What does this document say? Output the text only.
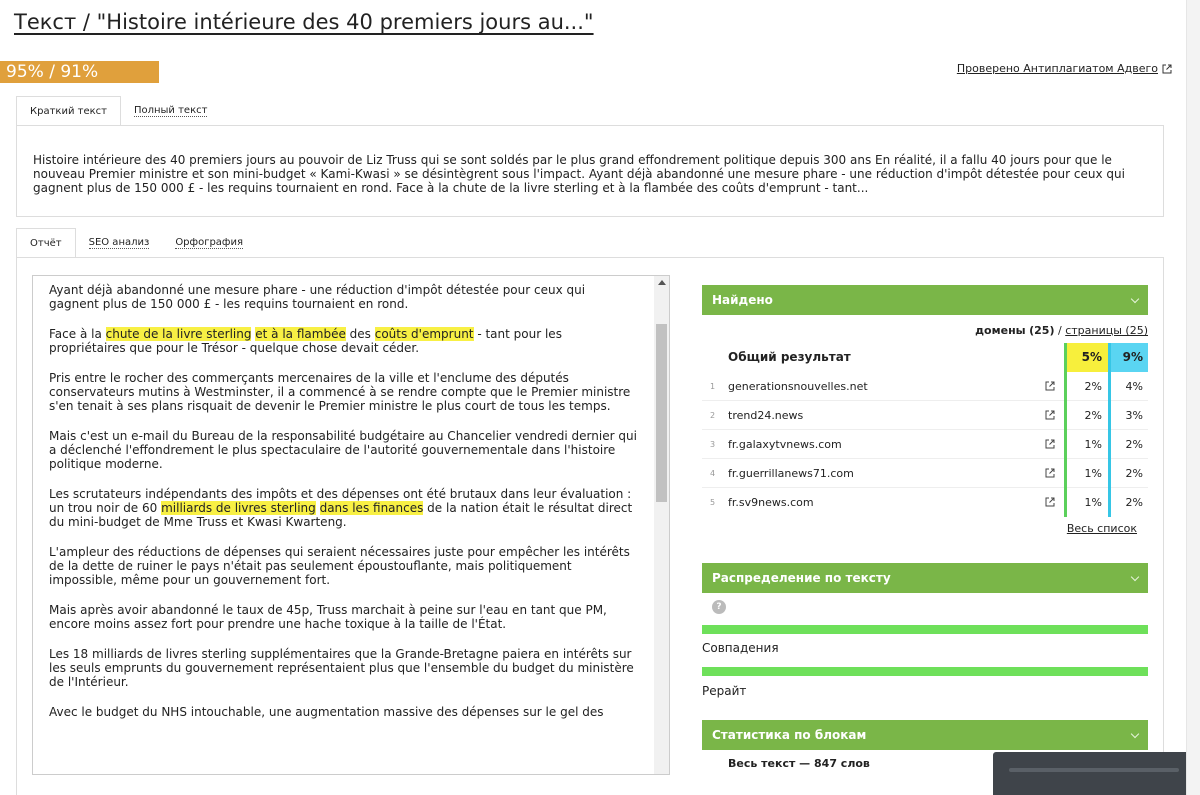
Текст / "Histoire intérieure des 40 premiers jours au..."
95% / 91%	Проверено Антиплагиатом Адвего
Краткий текст	Полный текст
Histoire intérieure des 40 premiers jours au pouvoir de Liz Truss qui se sont soldés par le plus grand effondrement politique depuis 300 ans En réalité, il a fallu 40 jours pour que le nouveau Premier ministre et son mini-budget « Kami-Kwasi » se désintègrent sous l'impact. Ayant déjà abandonné une mesure phare - une réduction d'impôt détestée pour ceux qui gagnent plus de 150 000 £ - les requins tournaient en rond. Face à la chute de la livre sterling et à la flambée des coûts d'emprunt - tant...
Отчёт	SEO анализ	Орфография

Ayant déjà abandonné une mesure phare - une réduction d'impôt détestée pour ceux qui gagnent plus de 150 000 £ - les requins tournaient en rond.

Face à la chute de la livre sterling et à la flambée des coûts d'emprunt - tant pour les propriétaires que pour le Trésor - quelque chose devait céder.

Pris entre le rocher des commerçants mercenaires de la ville et l'enclume des députés conservateurs mutins à Westminster, il a commencé à se rendre compte que le Premier ministre s'en tenait à ses plans risquait de devenir le Premier ministre le plus court de tous les temps.

Mais c'est un e-mail du Bureau de la responsabilité budgétaire au Chancelier vendredi dernier qui a déclenché l'effondrement le plus spectaculaire de l'autorité gouvernementale dans l'histoire politique moderne.

Les scrutateurs indépendants des impôts et des dépenses ont été brutaux dans leur évaluation : un trou noir de 60 milliards de livres sterling dans les finances de la nation était le résultat direct du mini-budget de Mme Truss et Kwasi Kwarteng.

L'ampleur des réductions de dépenses qui seraient nécessaires juste pour empêcher les intérêts de la dette de ruiner le pays n'était pas seulement époustouflante, mais politiquement impossible, même pour un gouvernement fort.

Mais après avoir abandonné le taux de 45p, Truss marchait à peine sur l'eau en tant que PM, encore moins assez fort pour prendre une hache toxique à la taille de l'État.

Les 18 milliards de livres sterling supplémentaires que la Grande-Bretagne paiera en intérêts sur les seuls emprunts du gouvernement représentaient plus que l'ensemble du budget du ministère de l'Intérieur.

Avec le budget du NHS intouchable, une augmentation massive des dépenses sur le gel des

Найдено
домены (25) / страницы (25)
Общий результат	5%	9%
1 generationsnouvelles.net	2%	4%
2 trend24.news	2%	3%
3 fr.galaxytvnews.com	1%	2%
4 fr.guerrillanews71.com	1%	2%
5 fr.sv9news.com	1%	2%
Весь список
Распределение по тексту
?
Совпадения
Рерайт
Статистика по блокам
Весь текст — 847 слов
